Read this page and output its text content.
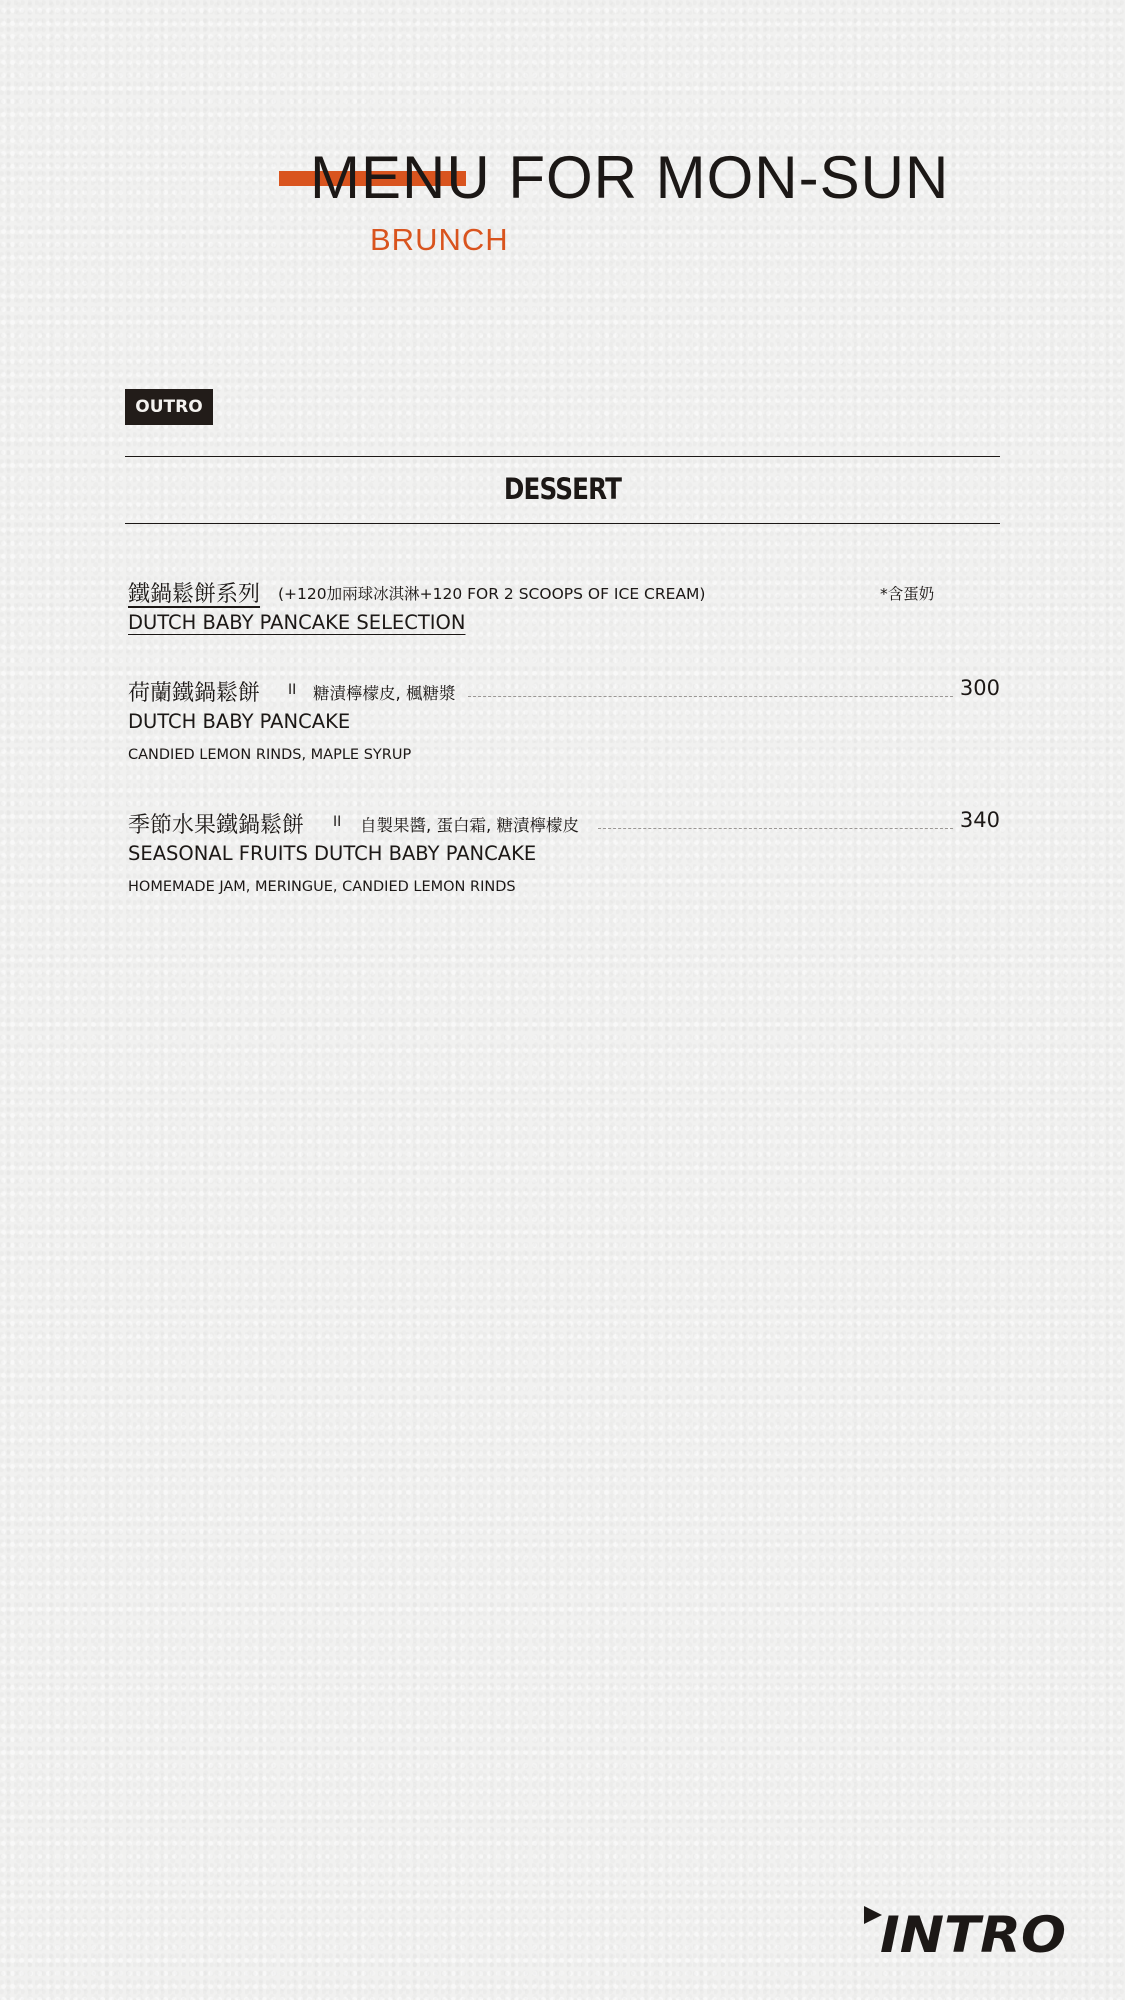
MENU FOR MON-SUN
BRUNCH
OUTRO
DESSERT
鐵鍋鬆餅系列 (+120加兩球冰淇淋+120 FOR 2 SCOOPS OF ICE CREAM)	*含蛋奶
DUTCH BABY PANCAKE SELECTION
荷蘭鐵鍋鬆餅 II 糖漬檸檬皮, 楓糖漿	300
DUTCH BABY PANCAKE
CANDIED LEMON RINDS, MAPLE SYRUP
季節水果鐵鍋鬆餅 II 自製果醬, 蛋白霜, 糖漬檸檬皮	340
SEASONAL FRUITS DUTCH BABY PANCAKE
HOMEMADE JAM, MERINGUE, CANDIED LEMON RINDS
INTRO
